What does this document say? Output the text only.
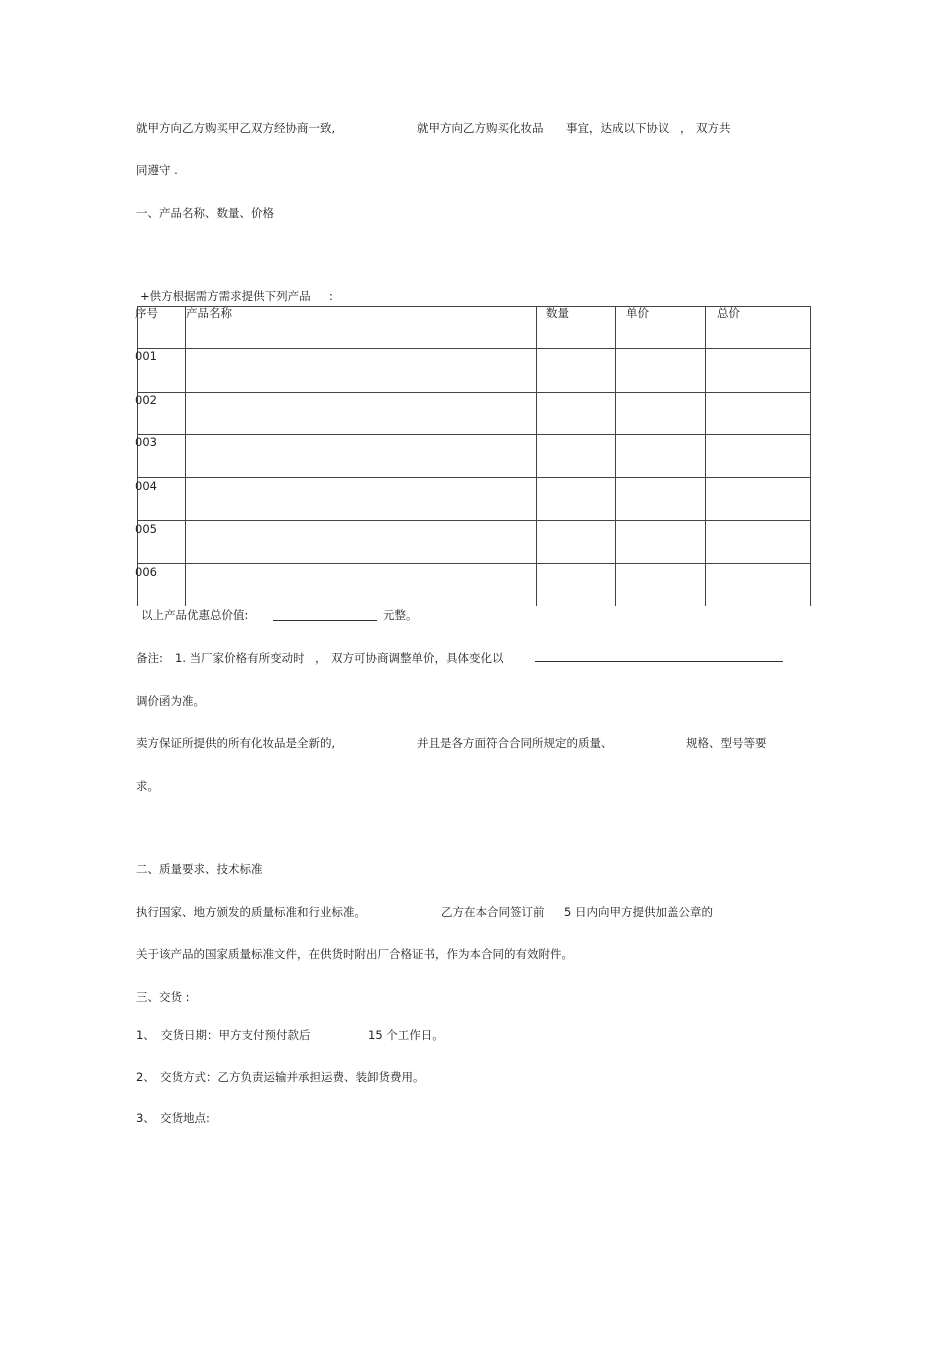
就甲方向乙方购买甲乙双方经协商一致,	就甲方向乙方购买化妆品 事宜，达成以下协议 ， 双方共
同遵守 .
一、产品名称、数量、价格
+供方根据需方需求提供下列产品 :
序号 产品名称	数量	单价	总价
001
002
003
004
005
006
以上产品优惠总价值:	元整。
备注: 1. 当厂家价格有所变动时 ， 双方可协商调整单价，具体变化以
调价函为准。
卖方保证所提供的所有化妆品是全新的,	并且是各方面符合合同所规定的质量、	规格、型号等要
求。
二、质量要求、技术标准
执行国家、地方颁发的质量标准和行业标准。	乙方在本合同签订前 5 日内向甲方提供加盖公章的
关于该产品的国家质量标准文件，在供货时附出厂合格证书，作为本合同的有效附件。
三、交货 :
1、 交货日期：甲方支付预付款后	15 个工作日。
2、 交货方式：乙方负责运输并承担运费、装卸货费用。
3、 交货地点:
